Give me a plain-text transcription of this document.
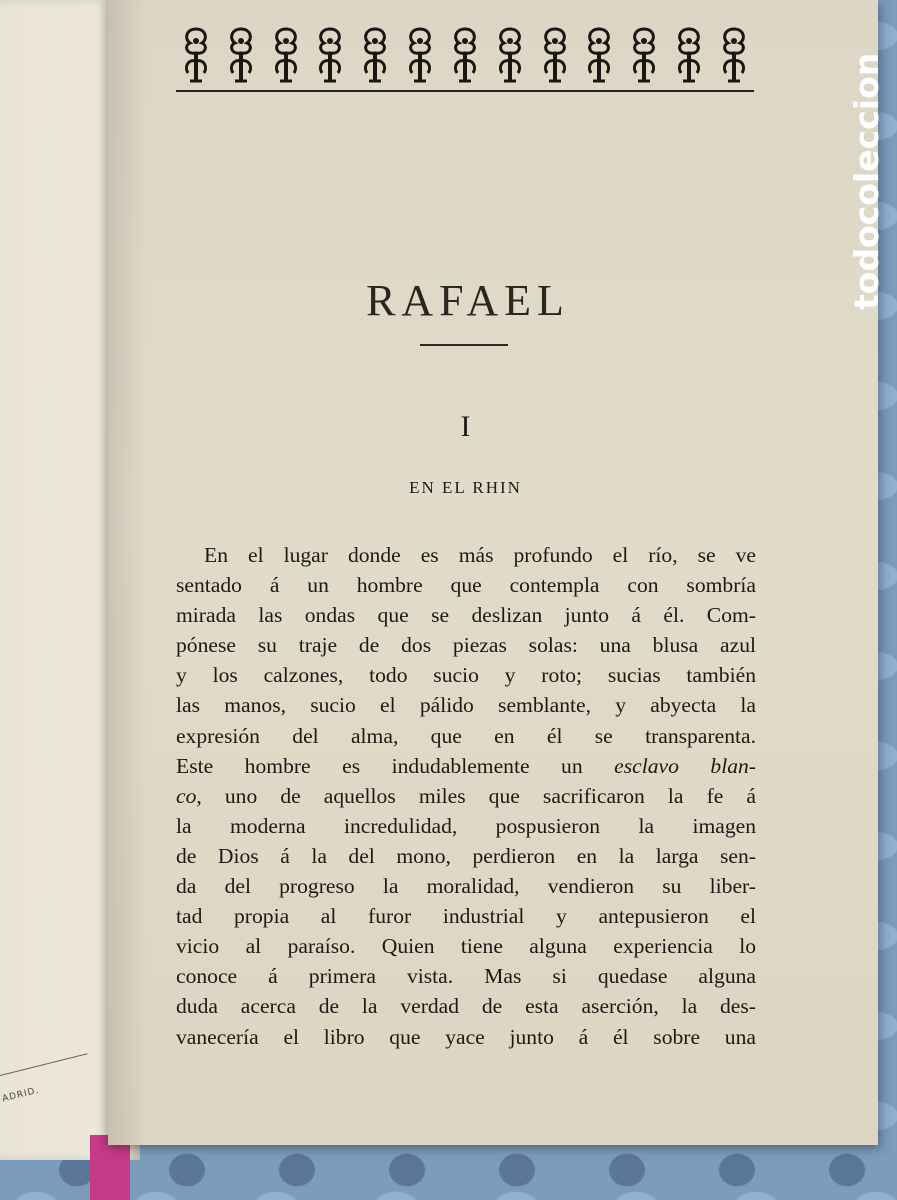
ADRID.
RAFAEL
I
EN EL RHIN
En el lugar donde es más profundo el río, se ve
sentado á un hombre que contempla con sombría
mirada las ondas que se deslizan junto á él. Com-
pónese su traje de dos piezas solas: una blusa azul
y los calzones, todo sucio y roto; sucias también
las manos, sucio el pálido semblante, y abyecta la
expresión del alma, que en él se transparenta.
Este hombre es indudablemente un esclavo blan-
co, uno de aquellos miles que sacrificaron la fe á
la moderna incredulidad, pospusieron la imagen
de Dios á la del mono, perdieron en la larga sen-
da del progreso la moralidad, vendieron su liber-
tad propia al furor industrial y antepusieron el
vicio al paraíso. Quien tiene alguna experiencia lo
conoce á primera vista. Mas si quedase alguna
duda acerca de la verdad de esta aserción, la des-
vanecería el libro que yace junto á él sobre una
todocoleccion
